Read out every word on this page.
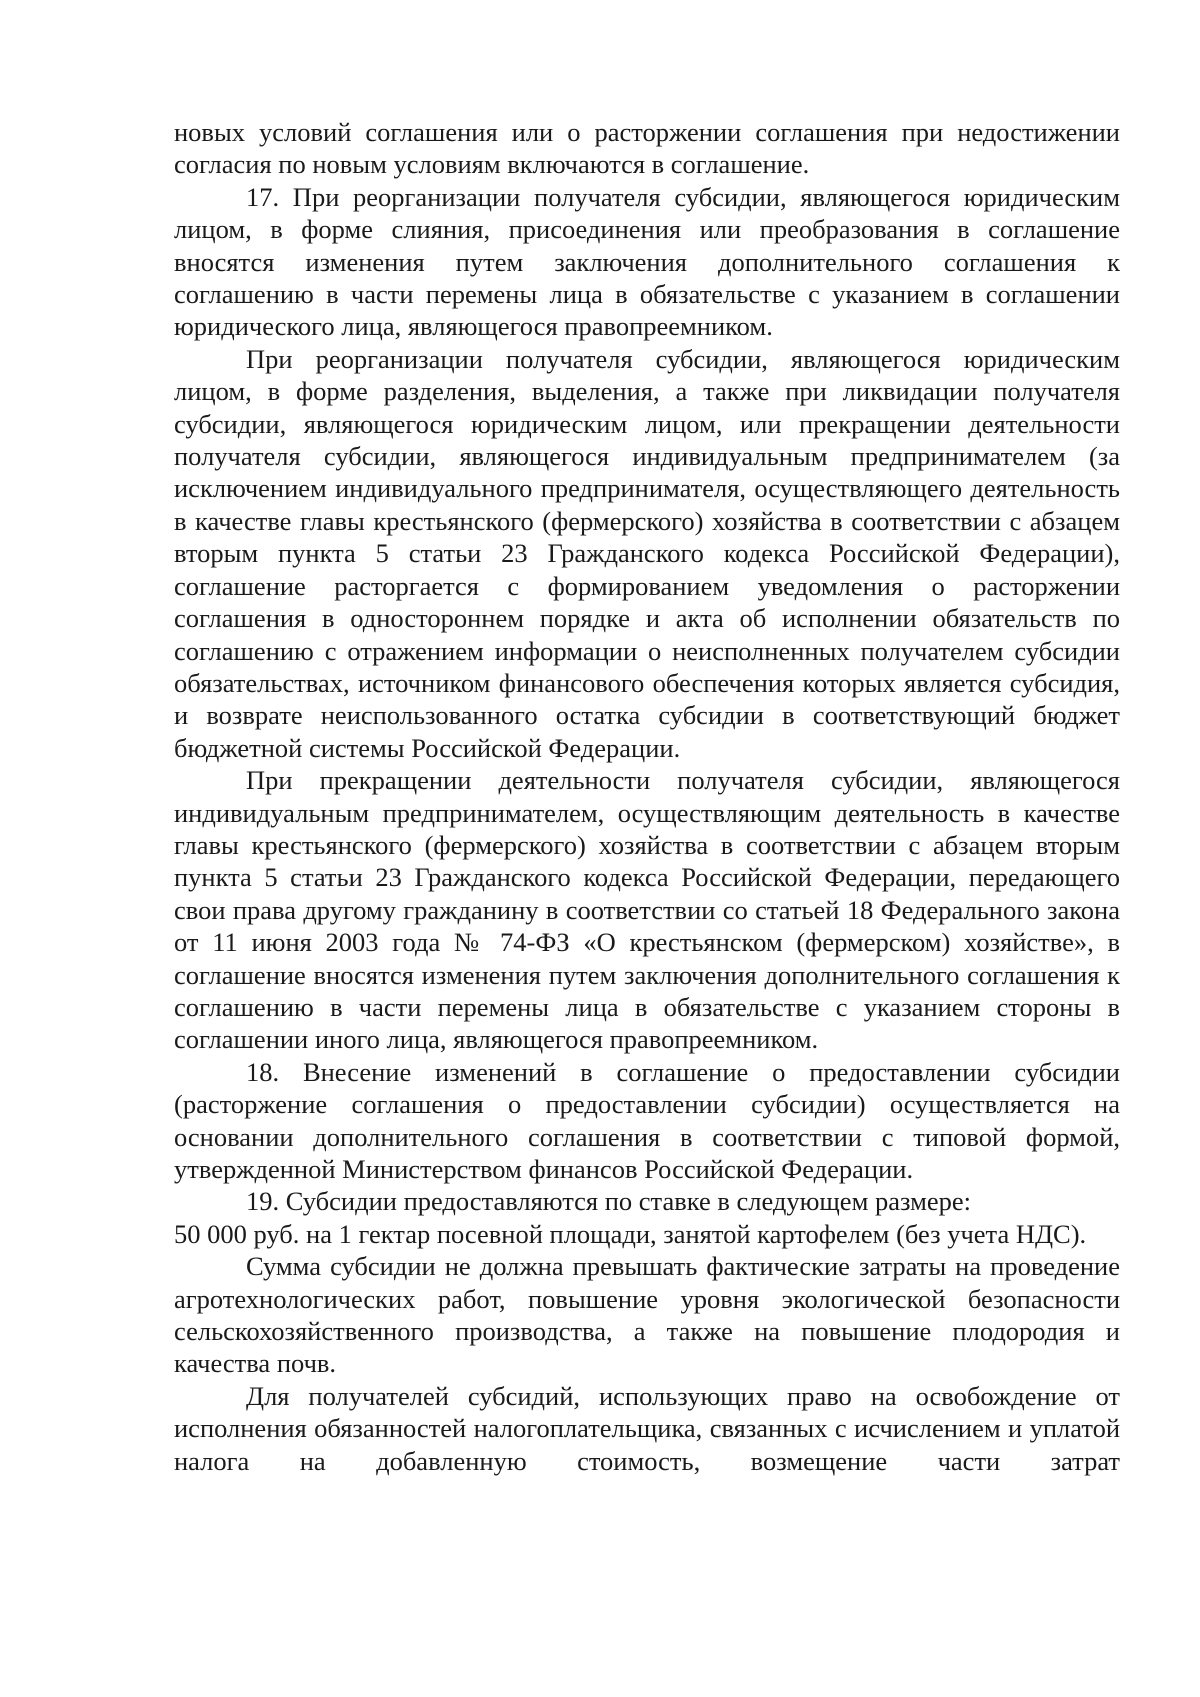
новых условий соглашения или о расторжении соглашения при недостижении согласия по новым условиям включаются в соглашение.

17. При реорганизации получателя субсидии, являющегося юридическим лицом, в форме слияния, присоединения или преобразования в соглашение вносятся изменения путем заключения дополнительного соглашения к соглашению в части перемены лица в обязательстве с указанием в соглашении юридического лица, являющегося правопреемником.

При реорганизации получателя субсидии, являющегося юридическим лицом, в форме разделения, выделения, а также при ликвидации получателя субсидии, являющегося юридическим лицом, или прекращении деятельности получателя субсидии, являющегося индивидуальным предпринимателем (за исключением индивидуального предпринимателя, осуществляющего деятельность в качестве главы крестьянского (фермерского) хозяйства в соответствии с абзацем вторым пункта 5 статьи 23 Гражданского кодекса Российской Федерации), соглашение расторгается с формированием уведомления о расторжении соглашения в одностороннем порядке и акта об исполнении обязательств по соглашению с отражением информации о неисполненных получателем субсидии обязательствах, источником финансового обеспечения которых является субсидия, и возврате неиспользованного остатка субсидии в соответствующий бюджет бюджетной системы Российской Федерации.

При прекращении деятельности получателя субсидии, являющегося индивидуальным предпринимателем, осуществляющим деятельность в качестве главы крестьянского (фермерского) хозяйства в соответствии с абзацем вторым пункта 5 статьи 23 Гражданского кодекса Российской Федерации, передающего свои права другому гражданину в соответствии со статьей 18 Федерального закона от 11 июня 2003 года № 74-ФЗ «О крестьянском (фермерском) хозяйстве», в соглашение вносятся изменения путем заключения дополнительного соглашения к соглашению в части перемены лица в обязательстве с указанием стороны в соглашении иного лица, являющегося правопреемником.

18. Внесение изменений в соглашение о предоставлении субсидии (расторжение соглашения о предоставлении субсидии) осуществляется на основании дополнительного соглашения в соответствии с типовой формой, утвержденной Министерством финансов Российской Федерации.

19. Субсидии предоставляются по ставке в следующем размере:

50 000 руб. на 1 гектар посевной площади, занятой картофелем (без учета НДС).

Сумма субсидии не должна превышать фактические затраты на проведение агротехнологических работ, повышение уровня экологической безопасности сельскохозяйственного производства, а также на повышение плодородия и качества почв.

Для получателей субсидий, использующих право на освобождение от исполнения обязанностей налогоплательщика, связанных с исчислением и уплатой налога на добавленную стоимость, возмещение части затрат
